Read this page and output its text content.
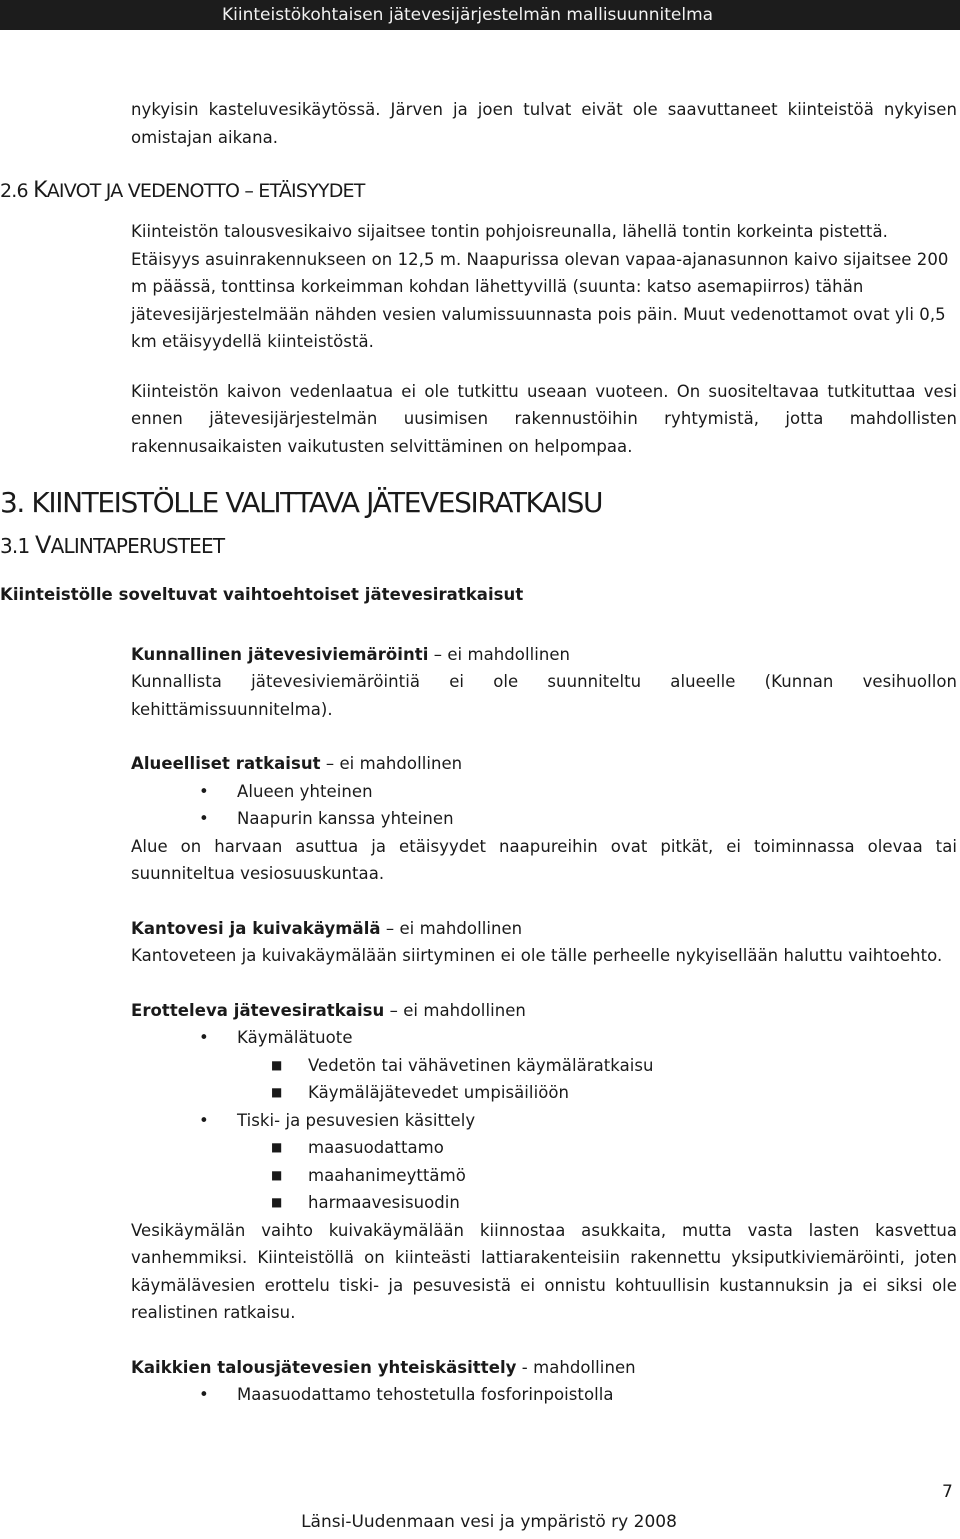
Kiinteistökohtaisen jätevesijärjestelmän mallisuunnitelma

nykyisin kasteluvesikäytössä. Järven ja joen tulvat eivät ole saavuttaneet kiinteistöä nykyisen omistajan aikana.

2.6 KAIVOT JA VEDENOTTO – ETÄISYYDET

Kiinteistön talousvesikaivo sijaitsee tontin pohjoisreunalla, lähellä tontin korkeinta pistettä. Etäisyys asuinrakennukseen on 12,5 m. Naapurissa olevan vapaa-ajanasunnon kaivo sijaitsee 200 m päässä, tonttinsa korkeimman kohdan lähettyvillä (suunta: katso asemapiirros) tähän jätevesijärjestelmään nähden vesien valumissuunnasta pois päin. Muut vedenottamot ovat yli 0,5 km etäisyydellä kiinteistöstä.

Kiinteistön kaivon vedenlaatua ei ole tutkittu useaan vuoteen. On suositeltavaa tutkituttaa vesi ennen jätevesijärjestelmän uusimisen rakennustöihin ryhtymistä, jotta mahdollisten rakennusaikaisten vaikutusten selvittäminen on helpompaa.

3. KIINTEISTÖLLE VALITTAVA JÄTEVESIRATKAISU
3.1 VALINTAPERUSTEET

Kiinteistölle soveltuvat vaihtoehtoiset jätevesiratkaisut

Kunnallinen jätevesiviemäröinti – ei mahdollinen

Kunnallista jätevesiviemäröintiä ei ole suunniteltu alueelle (Kunnan vesihuollon kehittämissuunnitelma).

Alueelliset ratkaisut – ei mahdollinen

• Alueen yhteinen
• Naapurin kanssa yhteinen

Alue on harvaan asuttua ja etäisyydet naapureihin ovat pitkät, ei toiminnassa olevaa tai suunniteltua vesiosuuskuntaa.

Kantovesi ja kuivakäymälä – ei mahdollinen

Kantoveteen ja kuivakäymälään siirtyminen ei ole tälle perheelle nykyisellään haluttu vaihtoehto.

Erotteleva jätevesiratkaisu – ei mahdollinen

• Käymälätuote
■ Vedetön tai vähävetinen käymäläratkaisu
■ Käymäläjätevedet umpisäiliöön
• Tiski- ja pesuvesien käsittely
■ maasuodattamo
■ maahanimeyttämö
■ harmaavesisuodin

Vesikäymälän vaihto kuivakäymälään kiinnostaa asukkaita, mutta vasta lasten kasvettua vanhemmiksi. Kiinteistöllä on kiinteästi lattiarakenteisiin rakennettu yksiputkiviemäröinti, joten käymälävesien erottelu tiski- ja pesuvesistä ei onnistu kohtuullisin kustannuksin ja ei siksi ole realistinen ratkaisu.

Kaikkien talousjätevesien yhteiskäsittely - mahdollinen

• Maasuodattamo tehostetulla fosforinpoistolla
7
Länsi-Uudenmaan vesi ja ympäristö ry 2008
